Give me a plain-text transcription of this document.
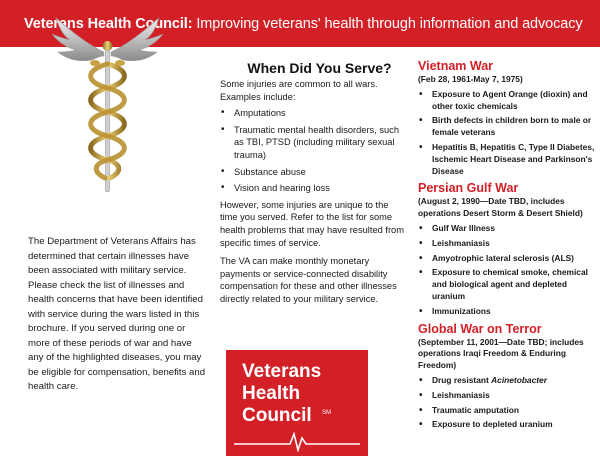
Veterans Health Council: Improving veterans' health through information and advocacy
The Department of Veterans Affairs has determined that certain illnesses have been associated with military service. Please check the list of illnesses and health concerns that have been identified with service during the wars listed in this brochure. If you served during one or more of these periods of war and have any of the highlighted diseases, you may be eligible for compensation, benefits and health care.
When Did You Serve?

Some injuries are common to all wars. Examples include:

• Amputations
• Traumatic mental health disorders, such as TBI, PTSD (including military sexual trauma)
• Substance abuse
• Vision and hearing loss

However, some injuries are unique to the time you served. Refer to the list for some health problems that may have resulted from specific times of service.

The VA can make monthly monetary payments or service-connected disability compensation for these and other illnesses directly related to your military service.

Veterans
Health
Council SM
Vietnam War

(Feb 28, 1961-May 7, 1975)

• Exposure to Agent Orange (dioxin) and other toxic chemicals
• Birth defects in children born to male or female veterans
• Hepatitis B, Hepatitis C, Type II Diabetes, Ischemic Heart Disease and Parkinson's Disease
Persian Gulf War

(August 2, 1990—Date TBD, includes operations Desert Storm & Desert Shield)

• Gulf War Illness
• Leishmaniasis
• Amyotrophic lateral sclerosis (ALS)
• Exposure to chemical smoke, chemical and biological agent and depleted uranium
• Immunizations
Global War on Terror

(September 11, 2001—Date TBD; includes operations Iraqi Freedom & Enduring Freedom)

• Drug resistant Acinetobacter
• Leishmaniasis
• Traumatic amputation
• Exposure to depleted uranium
